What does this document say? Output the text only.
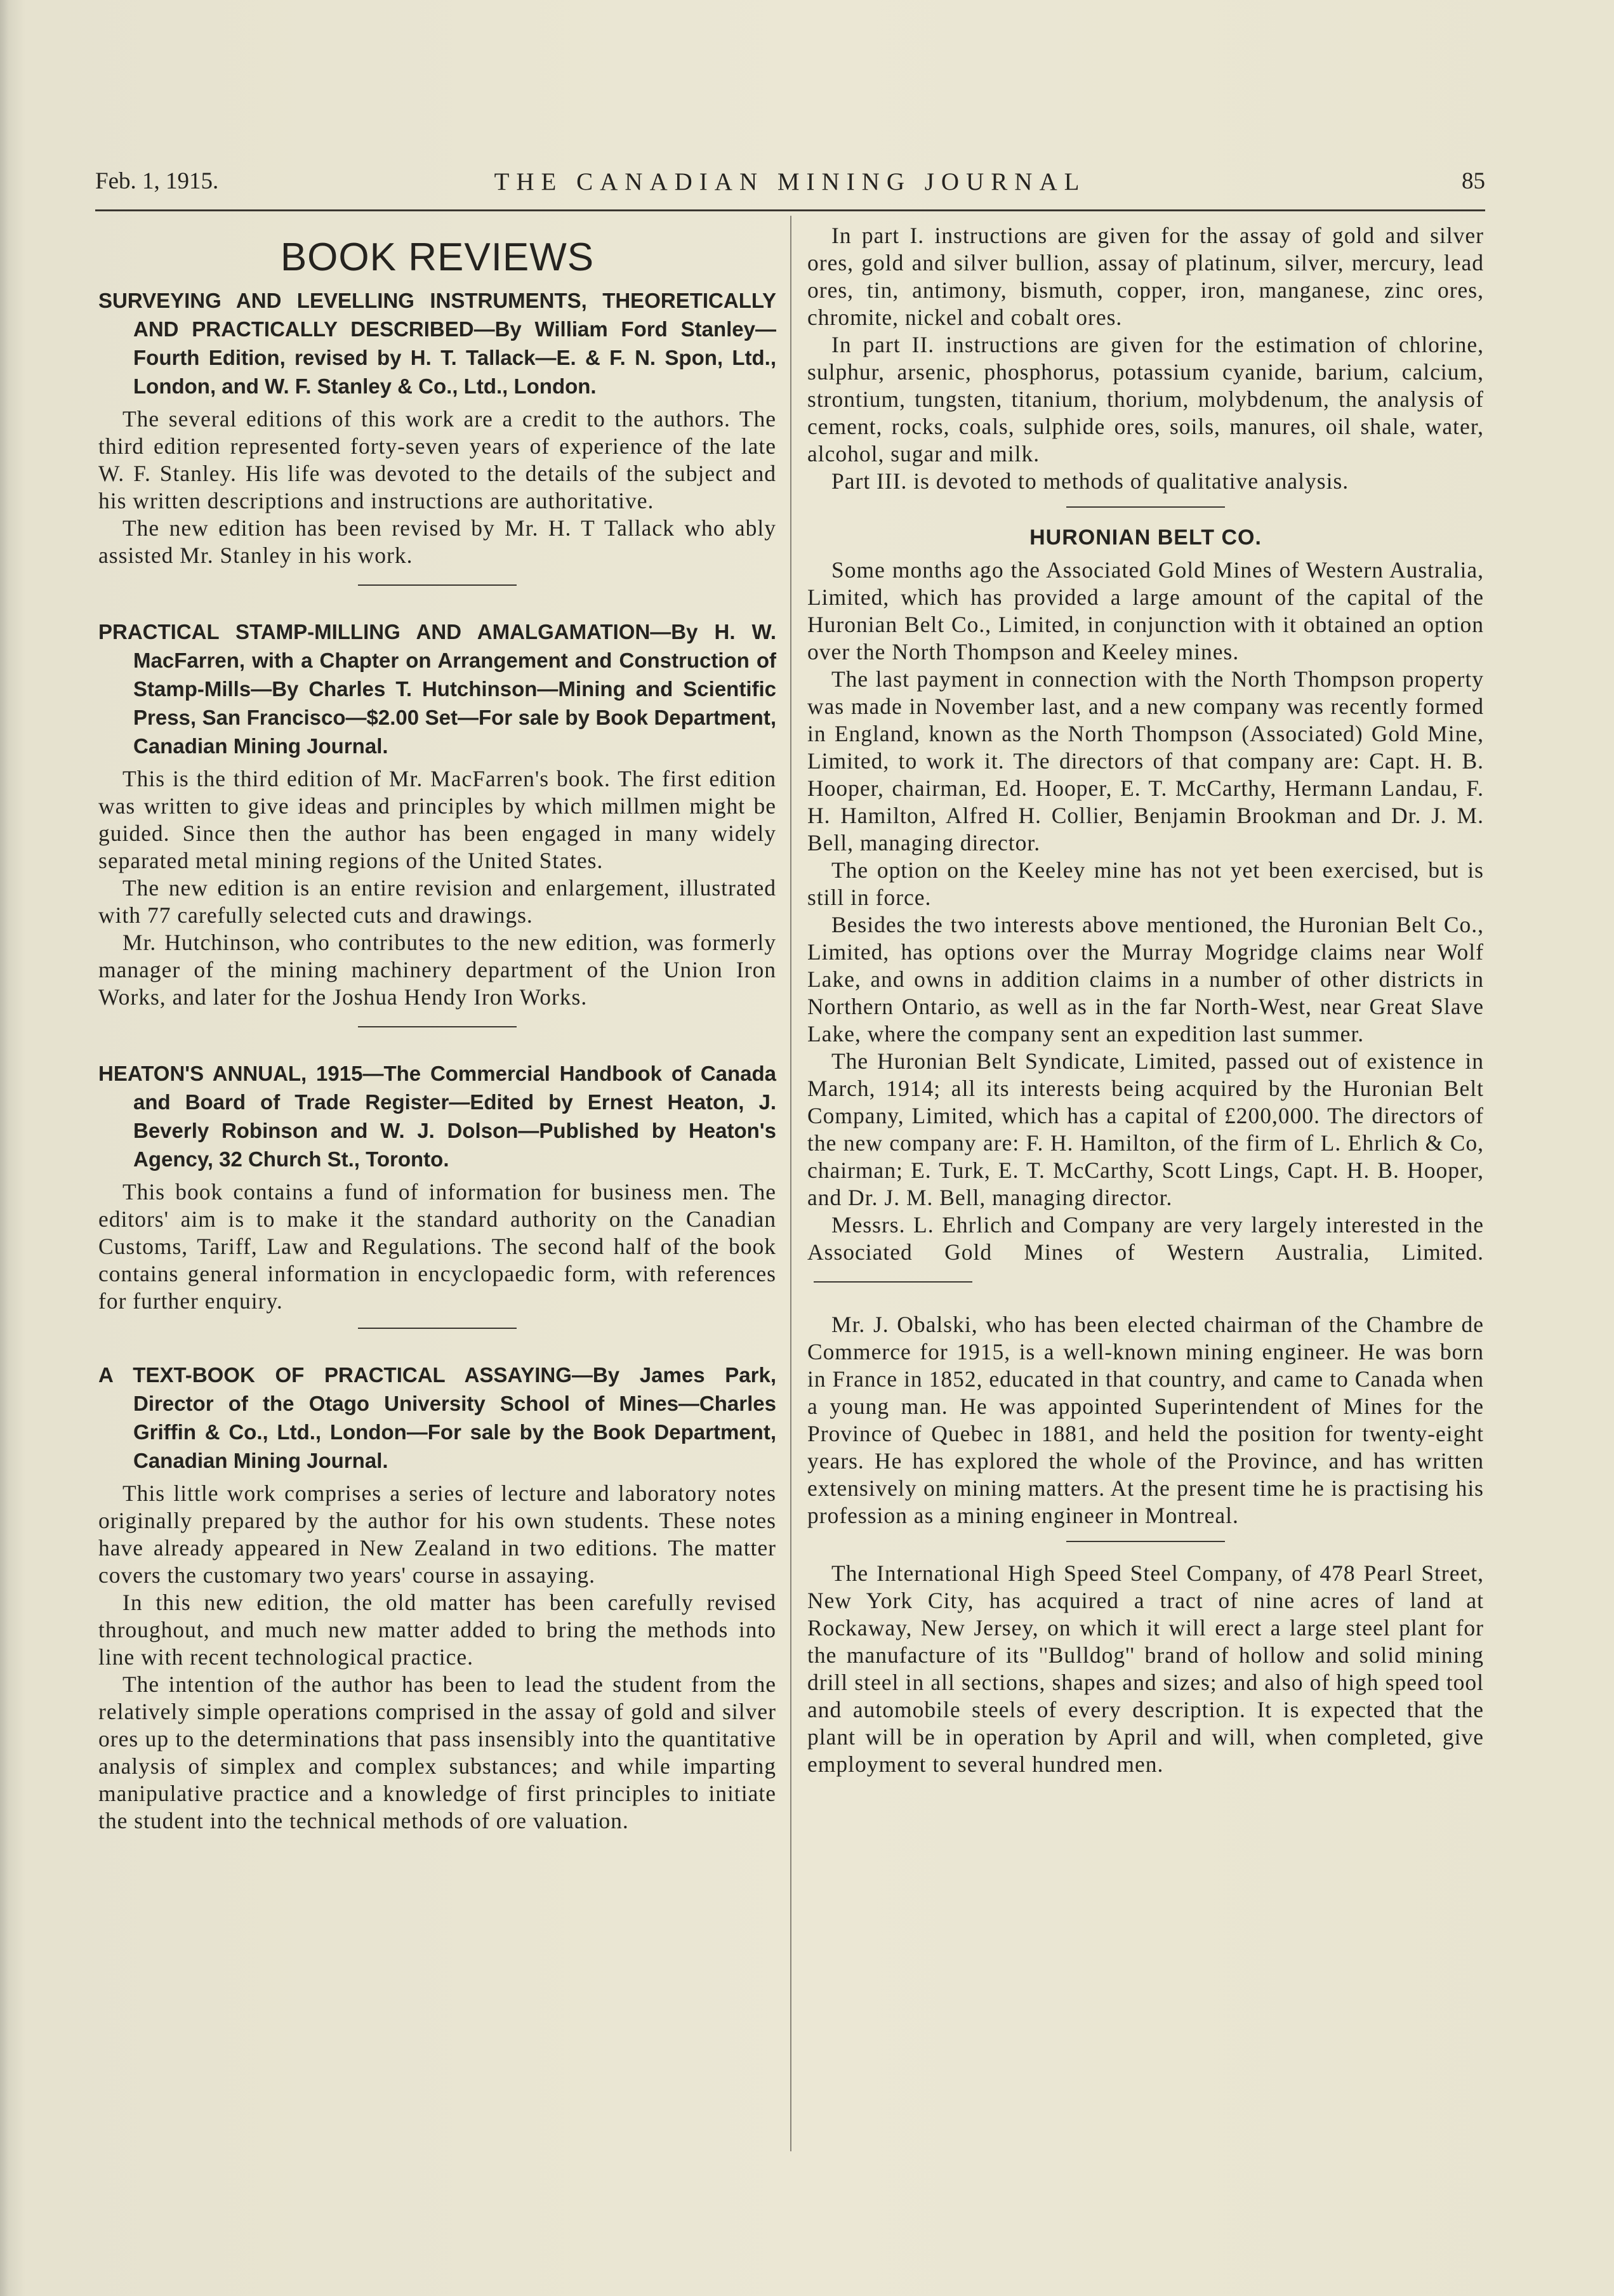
Feb. 1, 1915.	THE CANADIAN MINING JOURNAL	85
BOOK REVIEWS
SURVEYING AND LEVELLING INSTRUMENTS, THEORETICALLY AND PRACTICALLY DESCRIBED—By William Ford Stanley—Fourth Edition, revised by H. T. Tallack—E. & F. N. Spon, Ltd., London, and W. F. Stanley & Co., Ltd., London.

The several editions of this work are a credit to the authors. The third edition represented forty-seven years of experience of the late W. F. Stanley. His life was devoted to the details of the subject and his written descriptions and instructions are authoritative.

The new edition has been revised by Mr. H. T Tallack who ably assisted Mr. Stanley in his work.

PRACTICAL STAMP-MILLING AND AMALGAMATION—By H. W. MacFarren, with a Chapter on Arrangement and Construction of Stamp-Mills—By Charles T. Hutchinson—Mining and Scientific Press, San Francisco—$2.00 Set—For sale by Book Department, Canadian Mining Journal.

This is the third edition of Mr. MacFarren's book. The first edition was written to give ideas and principles by which millmen might be guided. Since then the author has been engaged in many widely separated metal mining regions of the United States.

The new edition is an entire revision and enlargement, illustrated with 77 carefully selected cuts and drawings.

Mr. Hutchinson, who contributes to the new edition, was formerly manager of the mining machinery department of the Union Iron Works, and later for the Joshua Hendy Iron Works.

HEATON'S ANNUAL, 1915—The Commercial Handbook of Canada and Board of Trade Register—Edited by Ernest Heaton, J. Beverly Robinson and W. J. Dolson—Published by Heaton's Agency, 32 Church St., Toronto.

This book contains a fund of information for business men. The editors' aim is to make it the standard authority on the Canadian Customs, Tariff, Law and Regulations. The second half of the book contains general information in encyclopaedic form, with references for further enquiry.

A TEXT-BOOK OF PRACTICAL ASSAYING—By James Park, Director of the Otago University School of Mines—Charles Griffin & Co., Ltd., London—For sale by the Book Department, Canadian Mining Journal.

This little work comprises a series of lecture and laboratory notes originally prepared by the author for his own students. These notes have already appeared in New Zealand in two editions. The matter covers the customary two years' course in assaying.

In this new edition, the old matter has been carefully revised throughout, and much new matter added to bring the methods into line with recent technological practice.

The intention of the author has been to lead the student from the relatively simple operations comprised in the assay of gold and silver ores up to the determinations that pass insensibly into the quantitative analysis of simplex and complex substances; and while imparting manipulative practice and a knowledge of first principles to initiate the student into the technical methods of ore valuation.

In part I. instructions are given for the assay of gold and silver ores, gold and silver bullion, assay of platinum, silver, mercury, lead ores, tin, antimony, bismuth, copper, iron, manganese, zinc ores, chromite, nickel and cobalt ores.

In part II. instructions are given for the estimation of chlorine, sulphur, arsenic, phosphorus, potassium cyanide, barium, calcium, strontium, tungsten, titanium, thorium, molybdenum, the analysis of cement, rocks, coals, sulphide ores, soils, manures, oil shale, water, alcohol, sugar and milk.

Part III. is devoted to methods of qualitative analysis.

HURONIAN BELT CO.

Some months ago the Associated Gold Mines of Western Australia, Limited, which has provided a large amount of the capital of the Huronian Belt Co., Limited, in conjunction with it obtained an option over the North Thompson and Keeley mines.

The last payment in connection with the North Thompson property was made in November last, and a new company was recently formed in England, known as the North Thompson (Associated) Gold Mine, Limited, to work it. The directors of that company are: Capt. H. B. Hooper, chairman, Ed. Hooper, E. T. McCarthy, Hermann Landau, F. H. Hamilton, Alfred H. Collier, Benjamin Brookman and Dr. J. M. Bell, managing director.

The option on the Keeley mine has not yet been exercised, but is still in force.

Besides the two interests above mentioned, the Huronian Belt Co., Limited, has options over the Murray Mogridge claims near Wolf Lake, and owns in addition claims in a number of other districts in Northern Ontario, as well as in the far North-West, near Great Slave Lake, where the company sent an expedition last summer.

The Huronian Belt Syndicate, Limited, passed out of existence in March, 1914; all its interests being acquired by the Huronian Belt Company, Limited, which has a capital of £200,000. The directors of the new company are: F. H. Hamilton, of the firm of L. Ehrlich & Co, chairman; E. Turk, E. T. McCarthy, Scott Lings, Capt. H. B. Hooper, and Dr. J. M. Bell, managing director.

Messrs. L. Ehrlich and Company are very largely interested in the Associated Gold Mines of Western Australia, Limited.

Mr. J. Obalski, who has been elected chairman of the Chambre de Commerce for 1915, is a well-known mining engineer. He was born in France in 1852, educated in that country, and came to Canada when a young man. He was appointed Superintendent of Mines for the Province of Quebec in 1881, and held the position for twenty-eight years. He has explored the whole of the Province, and has written extensively on mining matters. At the present time he is practising his profession as a mining engineer in Montreal.

The International High Speed Steel Company, of 478 Pearl Street, New York City, has acquired a tract of nine acres of land at Rockaway, New Jersey, on which it will erect a large steel plant for the manufacture of its ''Bulldog'' brand of hollow and solid mining drill steel in all sections, shapes and sizes; and also of high speed tool and automobile steels of every description. It is expected that the plant will be in operation by April and will, when completed, give employment to several hundred men.
